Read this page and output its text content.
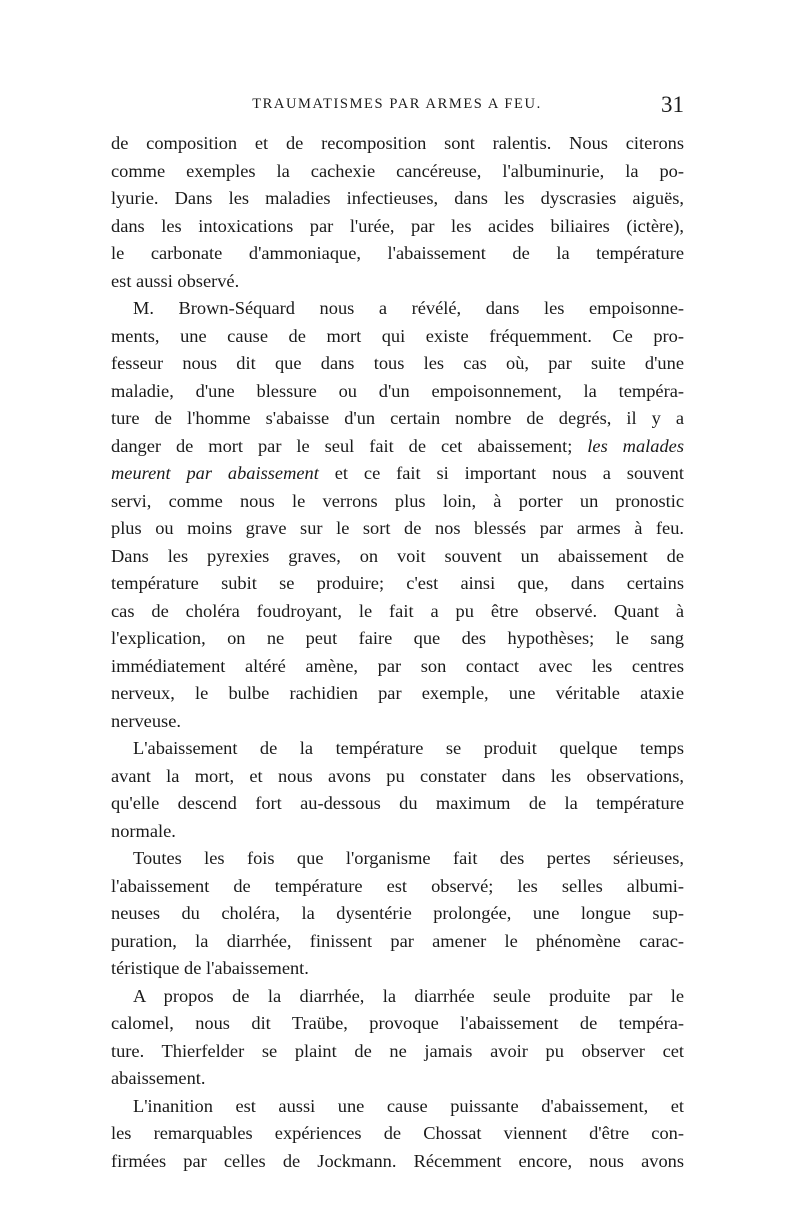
TRAUMATISMES PAR ARMES A FEU.	31
de composition et de recomposition sont ralentis. Nous citerons
comme exemples la cachexie cancéreuse, l'albuminurie, la po-
lyurie. Dans les maladies infectieuses, dans les dyscrasies aiguës,
dans les intoxications par l'urée, par les acides biliaires (ictère),
le carbonate d'ammoniaque, l'abaissement de la température
est aussi observé.
M. Brown-Séquard nous a révélé, dans les empoisonne-
ments, une cause de mort qui existe fréquemment. Ce pro-
fesseur nous dit que dans tous les cas où, par suite d'une
maladie, d'une blessure ou d'un empoisonnement, la tempéra-
ture de l'homme s'abaisse d'un certain nombre de degrés, il y a
danger de mort par le seul fait de cet abaissement; les malades
meurent par abaissement et ce fait si important nous a souvent
servi, comme nous le verrons plus loin, à porter un pronostic
plus ou moins grave sur le sort de nos blessés par armes à feu.
Dans les pyrexies graves, on voit souvent un abaissement de
température subit se produire; c'est ainsi que, dans certains
cas de choléra foudroyant, le fait a pu être observé. Quant à
l'explication, on ne peut faire que des hypothèses; le sang
immédiatement altéré amène, par son contact avec les centres
nerveux, le bulbe rachidien par exemple, une véritable ataxie
nerveuse.
L'abaissement de la température se produit quelque temps
avant la mort, et nous avons pu constater dans les observations,
qu'elle descend fort au-dessous du maximum de la température
normale.
Toutes les fois que l'organisme fait des pertes sérieuses,
l'abaissement de température est observé; les selles albumi-
neuses du choléra, la dysentérie prolongée, une longue sup-
puration, la diarrhée, finissent par amener le phénomène carac-
téristique de l'abaissement.
A propos de la diarrhée, la diarrhée seule produite par le
calomel, nous dit Traübe, provoque l'abaissement de tempéra-
ture. Thierfelder se plaint de ne jamais avoir pu observer cet
abaissement.
L'inanition est aussi une cause puissante d'abaissement, et
les remarquables expériences de Chossat viennent d'être con-
firmées par celles de Jockmann. Récemment encore, nous avons
